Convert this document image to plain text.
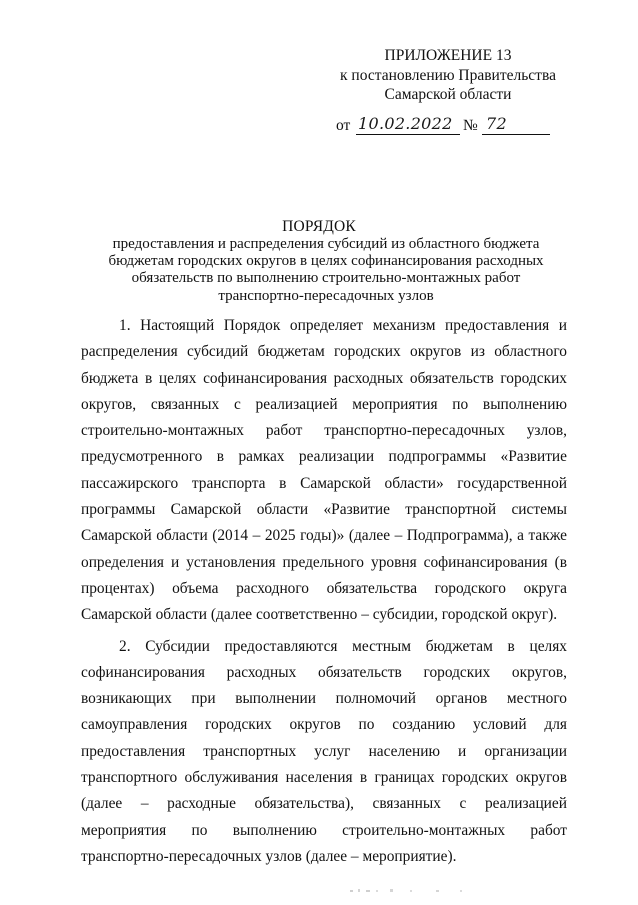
ПРИЛОЖЕНИЕ 13
к постановлению Правительства
Самарской области
от 10.02.2022 № 72
ПОРЯДОК
предоставления и распределения субсидий из областного бюджета бюджетам городских округов в целях софинансирования расходных обязательств по выполнению строительно-монтажных работ транспортно-пересадочных узлов

1. Настоящий Порядок определяет механизм предоставления и распределения субсидий бюджетам городских округов из областного бюджета в целях софинансирования расходных обязательств городских округов, связанных с реализацией мероприятия по выполнению строительно-монтажных работ транспортно-пересадочных узлов, предусмотренного в рамках реализации подпрограммы «Развитие пассажирского транспорта в Самарской области» государственной программы Самарской области «Развитие транспортной системы Самарской области (2014 – 2025 годы)» (далее – Подпрограмма), а также определения и установления предельного уровня софинансирования (в процентах) объема расходного обязательства городского округа Самарской области (далее соответственно – субсидии, городской округ).

2. Субсидии предоставляются местным бюджетам в целях софинансирования расходных обязательств городских округов, возникающих при выполнении полномочий органов местного самоуправления городских округов по созданию условий для предоставления транспортных услуг населению и организации транспортного обслуживания населения в границах городских округов (далее – расходные обязательства), связанных с реализацией мероприятия по выполнению строительно-монтажных работ транспортно-пересадочных узлов (далее – мероприятие).
